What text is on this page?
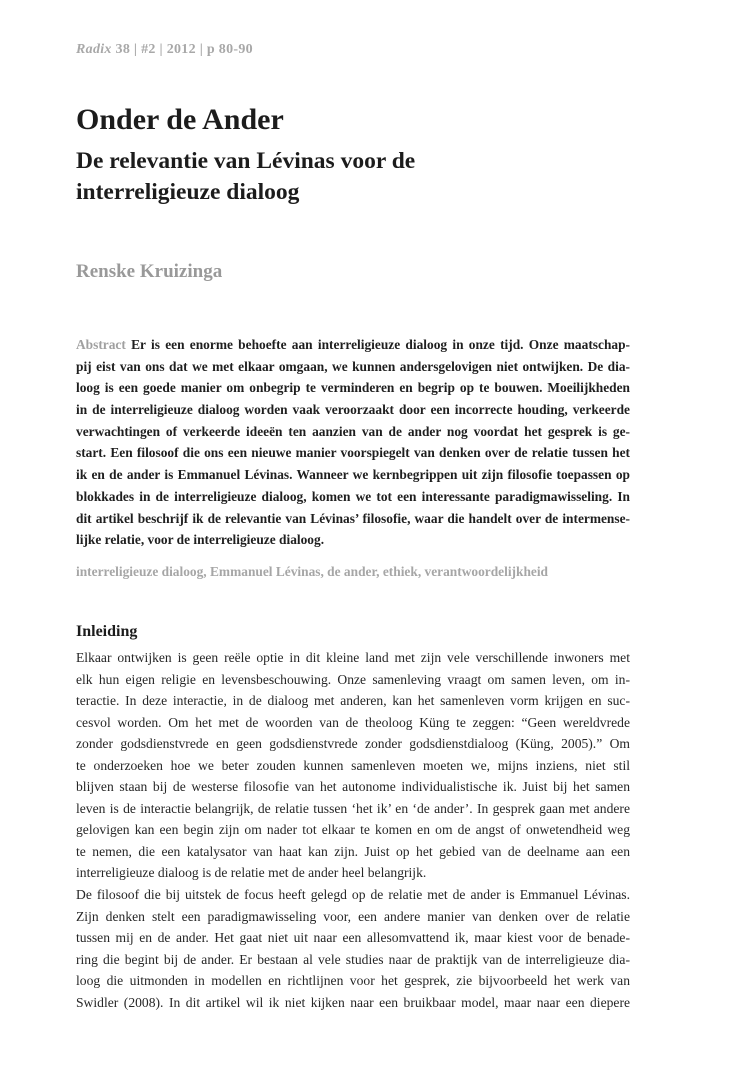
Radix 38 | #2 | 2012 | p 80-90
Onder de Ander
De relevantie van Lévinas voor de
interreligieuze dialoog
Renske Kruizinga
Abstract Er is een enorme behoefte aan interreligieuze dialoog in onze tijd. Onze maatschap-
pij eist van ons dat we met elkaar omgaan, we kunnen andersgelovigen niet ontwijken. De dia-
loog is een goede manier om onbegrip te verminderen en begrip op te bouwen. Moeilijkheden
in de interreligieuze dialoog worden vaak veroorzaakt door een incorrecte houding, verkeerde
verwachtingen of verkeerde ideeën ten aanzien van de ander nog voordat het gesprek is ge-
start. Een filosoof die ons een nieuwe manier voorspiegelt van denken over de relatie tussen het
ik en de ander is Emmanuel Lévinas. Wanneer we kernbegrippen uit zijn filosofie toepassen op
blokkades in de interreligieuze dialoog, komen we tot een interessante paradigmawisseling. In
dit artikel beschrijf ik de relevantie van Lévinas’ filosofie, waar die handelt over de intermense-
lijke relatie, voor de interreligieuze dialoog.
interreligieuze dialoog, Emmanuel Lévinas, de ander, ethiek, verantwoordelijkheid
Inleiding
Elkaar ontwijken is geen reële optie in dit kleine land met zijn vele verschillende inwoners met
elk hun eigen religie en levensbeschouwing. Onze samenleving vraagt om samen leven, om in-
teractie. In deze interactie, in de dialoog met anderen, kan het samenleven vorm krijgen en suc-
cesvol worden. Om het met de woorden van de theoloog Küng te zeggen: “Geen wereldvrede
zonder godsdienstvrede en geen godsdienstvrede zonder godsdienstdialoog (Küng, 2005).” Om
te onderzoeken hoe we beter zouden kunnen samenleven moeten we, mijns inziens, niet stil
blijven staan bij de westerse filosofie van het autonome individualistische ik. Juist bij het samen
leven is de interactie belangrijk, de relatie tussen ‘het ik’ en ‘de ander’. In gesprek gaan met andere
gelovigen kan een begin zijn om nader tot elkaar te komen en om de angst of onwetendheid weg
te nemen, die een katalysator van haat kan zijn. Juist op het gebied van de deelname aan een
interreligieuze dialoog is de relatie met de ander heel belangrijk.
De filosoof die bij uitstek de focus heeft gelegd op de relatie met de ander is Emmanuel Lévinas.
Zijn denken stelt een paradigmawisseling voor, een andere manier van denken over de relatie
tussen mij en de ander. Het gaat niet uit naar een allesomvattend ik, maar kiest voor de benade-
ring die begint bij de ander. Er bestaan al vele studies naar de praktijk van de interreligieuze dia-
loog die uitmonden in modellen en richtlijnen voor het gesprek, zie bijvoorbeeld het werk van
Swidler (2008). In dit artikel wil ik niet kijken naar een bruikbaar model, maar naar een diepere
